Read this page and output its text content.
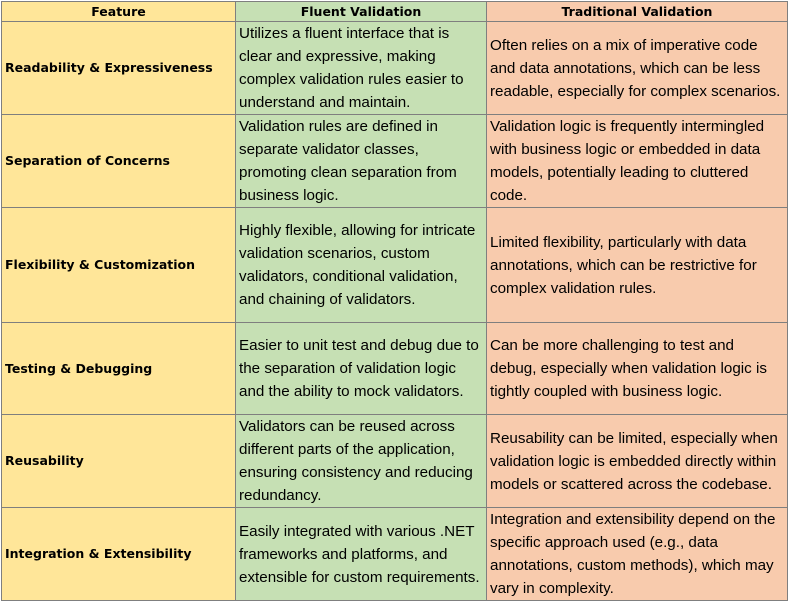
Feature	Fluent Validation	Traditional Validation
Readability & Expressiveness	Utilizes a fluent interface that is clear and expressive, making complex validation rules easier to understand and maintain.	Often relies on a mix of imperative code and data annotations, which can be less readable, especially for complex scenarios.
Separation of Concerns	Validation rules are defined in separate validator classes, promoting clean separation from business logic.	Validation logic is frequently intermingled with business logic or embedded in data models, potentially leading to cluttered code.
Flexibility & Customization	Highly flexible, allowing for intricate validation scenarios, custom validators, conditional validation, and chaining of validators.	Limited flexibility, particularly with data annotations, which can be restrictive for complex validation rules.
Testing & Debugging	Easier to unit test and debug due to the separation of validation logic and the ability to mock validators.	Can be more challenging to test and debug, especially when validation logic is tightly coupled with business logic.
Reusability	Validators can be reused across different parts of the application, ensuring consistency and reducing redundancy.	Reusability can be limited, especially when validation logic is embedded directly within models or scattered across the codebase.
Integration & Extensibility	Easily integrated with various .NET frameworks and platforms, and extensible for custom requirements.	Integration and extensibility depend on the specific approach used (e.g., data annotations, custom methods), which may vary in complexity.
